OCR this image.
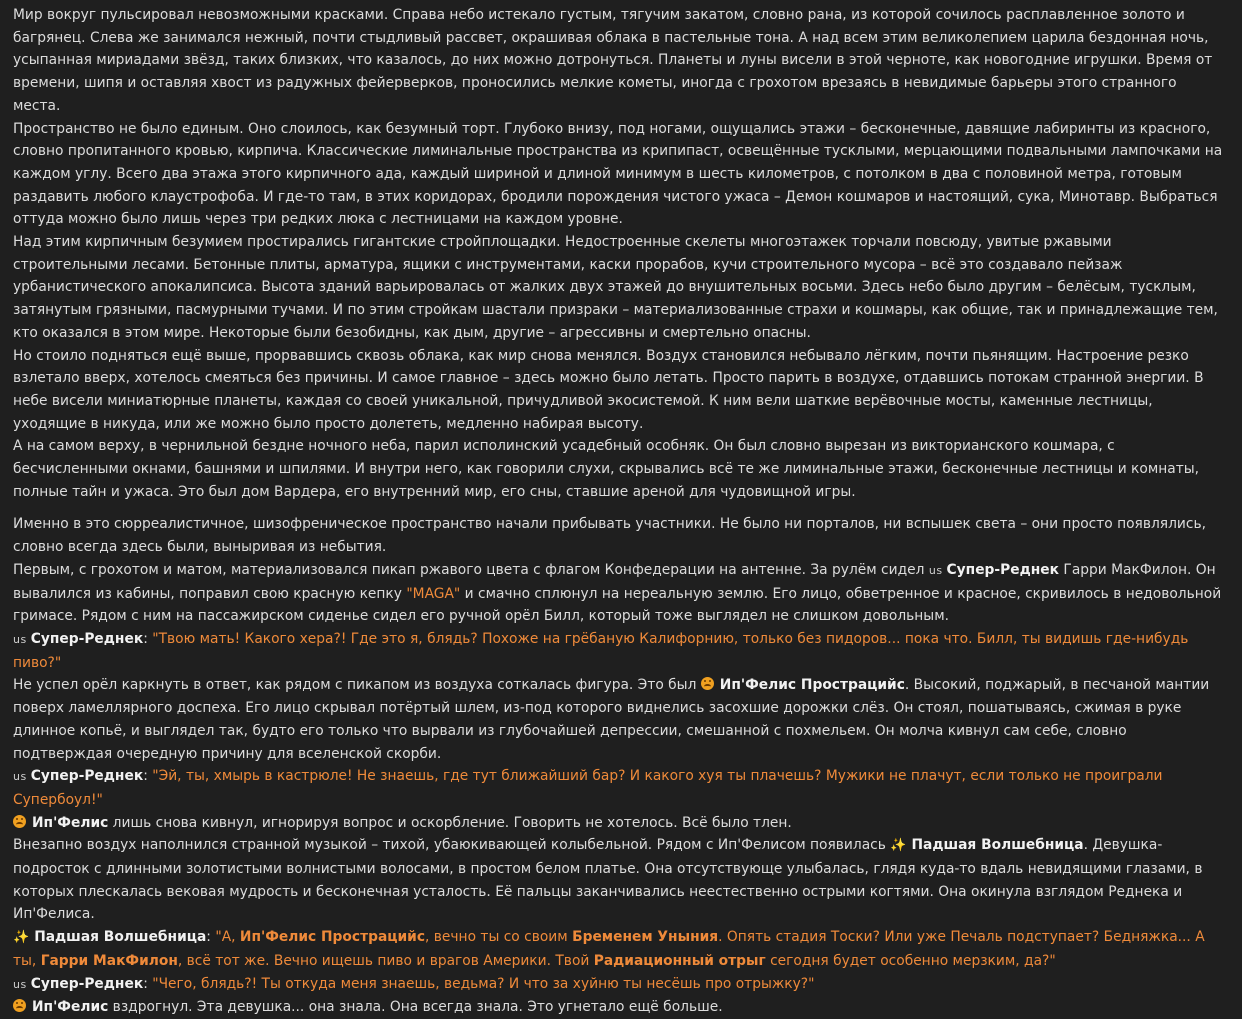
Мир вокруг пульсировал невозможными красками. Справа небо истекало густым, тягучим закатом, словно рана, из которой сочилось расплавленное золото и багрянец. Слева же занимался нежный, почти стыдливый рассвет, окрашивая облака в пастельные тона. А над всем этим великолепием царила бездонная ночь, усыпанная мириадами звёзд, таких близких, что казалось, до них можно дотронуться. Планеты и луны висели в этой черноте, как новогодние игрушки. Время от времени, шипя и оставляя хвост из радужных фейерверков, проносились мелкие кометы, иногда с грохотом врезаясь в невидимые барьеры этого странного места.

Пространство не было единым. Оно слоилось, как безумный торт. Глубоко внизу, под ногами, ощущались этажи – бесконечные, давящие лабиринты из красного, словно пропитанного кровью, кирпича. Классические лиминальные пространства из крипипаст, освещённые тусклыми, мерцающими подвальными лампочками на каждом углу. Всего два этажа этого кирпичного ада, каждый шириной и длиной минимум в шесть километров, с потолком в два с половиной метра, готовым раздавить любого клаустрофоба. И где-то там, в этих коридорах, бродили порождения чистого ужаса – Демон кошмаров и настоящий, сука, Минотавр. Выбраться оттуда можно было лишь через три редких люка с лестницами на каждом уровне.

Над этим кирпичным безумием простирались гигантские стройплощадки. Недостроенные скелеты многоэтажек торчали повсюду, увитые ржавыми строительными лесами. Бетонные плиты, арматура, ящики с инструментами, каски прорабов, кучи строительного мусора – всё это создавало пейзаж урбанистического апокалипсиса. Высота зданий варьировалась от жалких двух этажей до внушительных восьми. Здесь небо было другим – белёсым, тусклым, затянутым грязными, пасмурными тучами. И по этим стройкам шастали призраки – материализованные страхи и кошмары, как общие, так и принадлежащие тем, кто оказался в этом мире. Некоторые были безобидны, как дым, другие – агрессивны и смертельно опасны.

Но стоило подняться ещё выше, прорвавшись сквозь облака, как мир снова менялся. Воздух становился небывало лёгким, почти пьянящим. Настроение резко взлетало вверх, хотелось смеяться без причины. И самое главное – здесь можно было летать. Просто парить в воздухе, отдавшись потокам странной энергии. В небе висели миниатюрные планеты, каждая со своей уникальной, причудливой экосистемой. К ним вели шаткие верёвочные мосты, каменные лестницы, уходящие в никуда, или же можно было просто долететь, медленно набирая высоту.

А на самом верху, в чернильной бездне ночного неба, парил исполинский усадебный особняк. Он был словно вырезан из викторианского кошмара, с бесчисленными окнами, башнями и шпилями. И внутри него, как говорили слухи, скрывались всё те же лиминальные этажи, бесконечные лестницы и комнаты, полные тайн и ужаса. Это был дом Вардера, его внутренний мир, его сны, ставшие ареной для чудовищной игры.

Именно в это сюрреалистичное, шизофреническое пространство начали прибывать участники. Не было ни порталов, ни вспышек света – они просто появлялись, словно всегда здесь были, выныривая из небытия.

Первым, с грохотом и матом, материализовался пикап ржавого цвета с флагом Конфедерации на антенне. За рулём сидел us Супер-Реднек Гарри МакФилон. Он вывалился из кабины, поправил свою красную кепку "MAGA" и смачно сплюнул на нереальную землю. Его лицо, обветренное и красное, скривилось в недовольной гримасе. Рядом с ним на пассажирском сиденье сидел его ручной орёл Билл, который тоже выглядел не слишком довольным.

us Супер-Реднек: "Твою мать! Какого хера?! Где это я, блядь? Похоже на грёбаную Калифорнию, только без пидоров... пока что. Билл, ты видишь где-нибудь пиво?"

Не успел орёл каркнуть в ответ, как рядом с пикапом из воздуха соткалась фигура. Это был Ип'Фелис Прострацийс. Высокий, поджарый, в песчаной мантии поверх ламеллярного доспеха. Его лицо скрывал потёртый шлем, из-под которого виднелись засохшие дорожки слёз. Он стоял, пошатываясь, сжимая в руке длинное копьё, и выглядел так, будто его только что вырвали из глубочайшей депрессии, смешанной с похмельем. Он молча кивнул сам себе, словно подтверждая очередную причину для вселенской скорби.

us Супер-Реднек: "Эй, ты, хмырь в кастрюле! Не знаешь, где тут ближайший бар? И какого хуя ты плачешь? Мужики не плачут, если только не проиграли Супербоул!"

Ип'Фелис лишь снова кивнул, игнорируя вопрос и оскорбление. Говорить не хотелось. Всё было тлен.

Внезапно воздух наполнился странной музыкой – тихой, убаюкивающей колыбельной. Рядом с Ип'Фелисом появилась ✨ Падшая Волшебница. Девушка-подросток с длинными золотистыми волнистыми волосами, в простом белом платье. Она отсутствующе улыбалась, глядя куда-то вдаль невидящими глазами, в которых плескалась вековая мудрость и бесконечная усталость. Её пальцы заканчивались неестественно острыми когтями. Она окинула взглядом Реднека и Ип'Фелиса.

✨ Падшая Волшебница: "А, Ип'Фелис Прострацийс, вечно ты со своим Бременем Уныния. Опять стадия Тоски? Или уже Печаль подступает? Бедняжка... А ты, Гарри МакФилон, всё тот же. Вечно ищешь пиво и врагов Америки. Твой Радиационный отрыг сегодня будет особенно мерзким, да?"

us Супер-Реднек: "Чего, блядь?! Ты откуда меня знаешь, ведьма? И что за хуйню ты несёшь про отрыжку?"

Ип'Фелис вздрогнул. Эта девушка... она знала. Она всегда знала. Это угнетало ещё больше.
